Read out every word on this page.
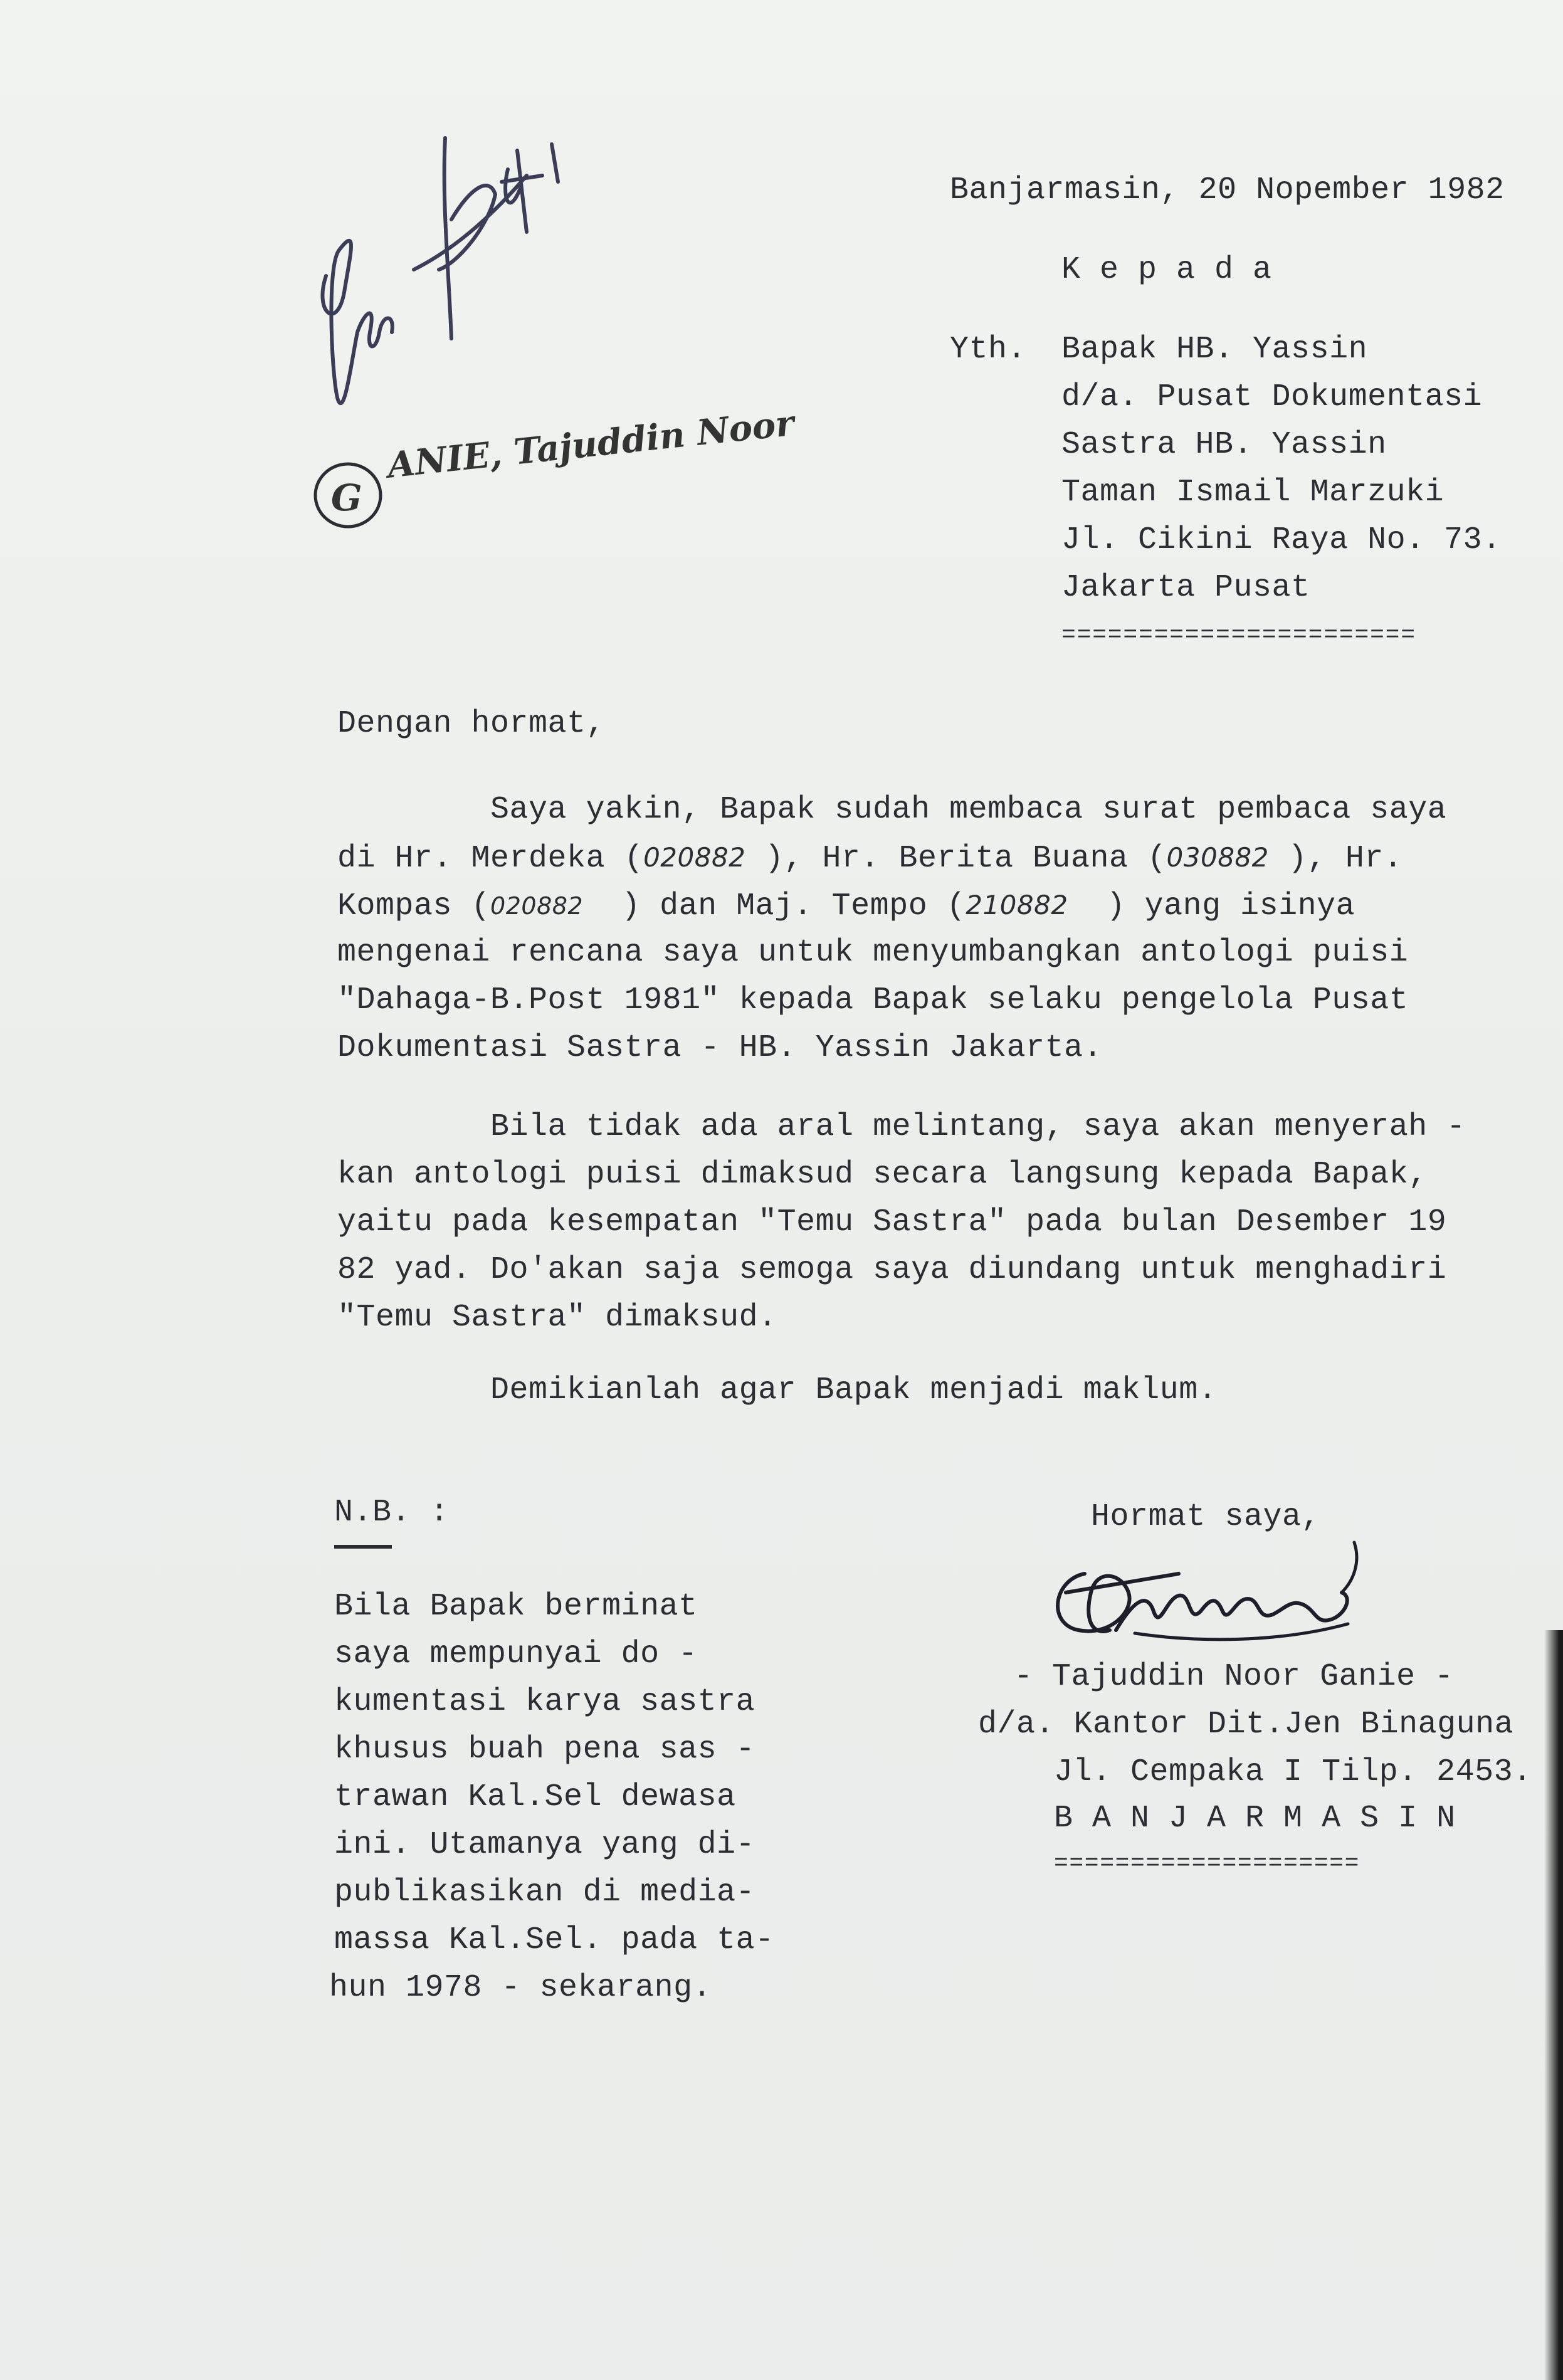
G
ANIE, Tajuddin Noor
Banjarmasin, 20 Nopember 1982
K e p a d a
Yth. Bapak HB. Yassin
d/a. Pusat Dokumentasi
Sastra HB. Yassin
Taman Ismail Marzuki
Jl. Cikini Raya No. 73.
Jakarta Pusat
=======================
Dengan hormat,
Saya yakin, Bapak sudah membaca surat pembaca saya
di Hr. Merdeka (020882 ), Hr. Berita Buana (030882 ), Hr.
Kompas (020882  ) dan Maj. Tempo (210882  ) yang isinya
mengenai rencana saya untuk menyumbangkan antologi puisi
"Dahaga-B.Post 1981" kepada Bapak selaku pengelola Pusat
Dokumentasi Sastra - HB. Yassin Jakarta.
Bila tidak ada aral melintang, saya akan menyerah -
kan antologi puisi dimaksud secara langsung kepada Bapak,
yaitu pada kesempatan "Temu Sastra" pada bulan Desember 19
82 yad. Do'akan saja semoga saya diundang untuk menghadiri
"Temu Sastra" dimaksud.
Demikianlah agar Bapak menjadi maklum.
N.B. :
Bila Bapak berminat
saya mempunyai do -
kumentasi karya sastra
khusus buah pena sas -
trawan Kal.Sel dewasa
ini. Utamanya yang di-
publikasikan di media-
massa Kal.Sel. pada ta-
hun 1978 - sekarang.
Hormat saya,
- Tajuddin Noor Ganie -
d/a. Kantor Dit.Jen Binaguna
Jl. Cempaka I Tilp. 2453.
B A N J A R M A S I N
====================
